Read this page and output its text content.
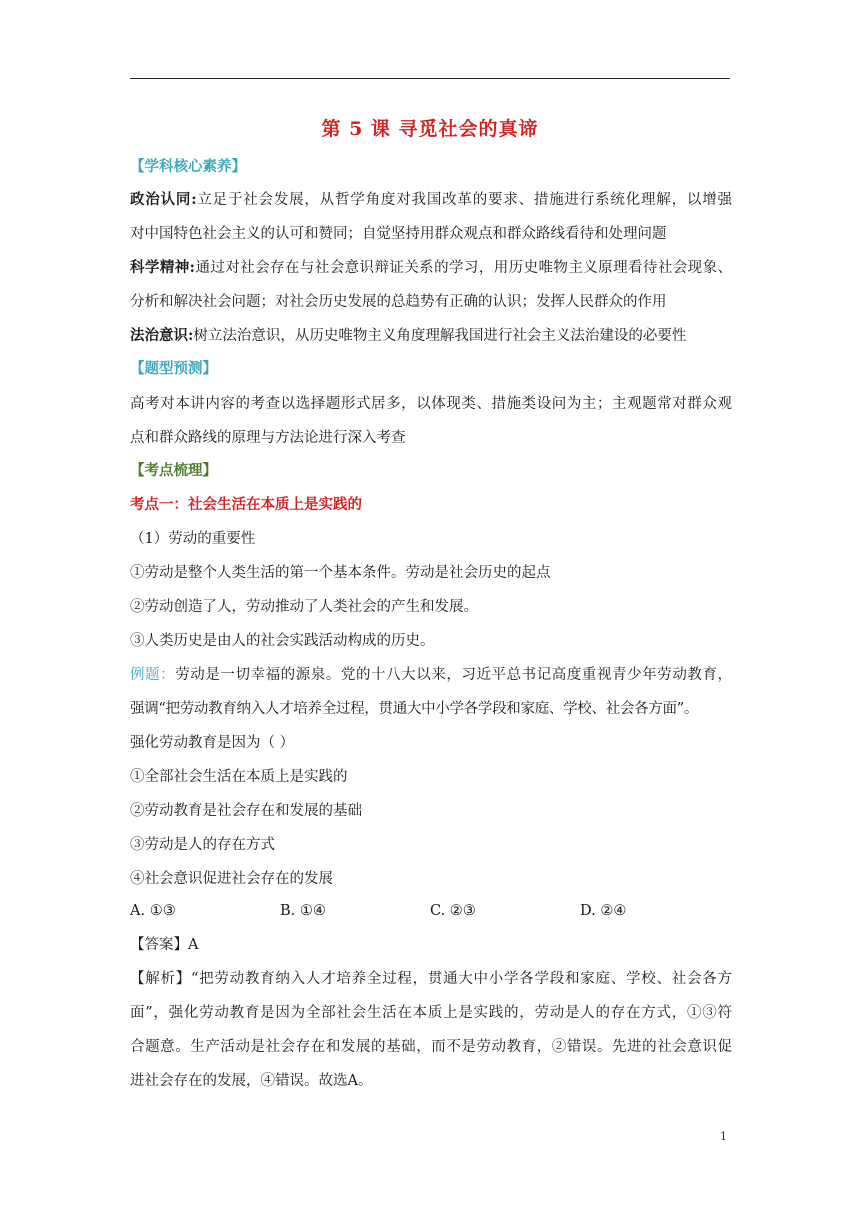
第 5 课 寻觅社会的真谛
【学科核心素养】
政治认同:立足于社会发展，从哲学角度对我国改革的要求、措施进行系统化理解，以增强
对中国特色社会主义的认可和赞同；自觉坚持用群众观点和群众路线看待和处理问题
科学精神:通过对社会存在与社会意识辩证关系的学习，用历史唯物主义原理看待社会现象、
分析和解决社会问题；对社会历史发展的总趋势有正确的认识；发挥人民群众的作用
法治意识:树立法治意识，从历史唯物主义角度理解我国进行社会主义法治建设的必要性
【题型预测】
高考对本讲内容的考查以选择题形式居多，以体现类、措施类设问为主；主观题常对群众观
点和群众路线的原理与方法论进行深入考查
【考点梳理】
考点一：社会生活在本质上是实践的
（1）劳动的重要性
①劳动是整个人类生活的第一个基本条件。劳动是社会历史的起点
②劳动创造了人，劳动推动了人类社会的产生和发展。
③人类历史是由人的社会实践活动构成的历史。
例题：劳动是一切幸福的源泉。党的十八大以来，习近平总书记高度重视青少年劳动教育，
强调“把劳动教育纳入人才培养全过程，贯通大中小学各学段和家庭、学校、社会各方面”。
强化劳动教育是因为（ ）
①全部社会生活在本质上是实践的
②劳动教育是社会存在和发展的基础
③劳动是人的存在方式
④社会意识促进社会存在的发展
A. ①③	B. ①④	C. ②③	D. ②④
【答案】A
【解析】“把劳动教育纳入人才培养全过程，贯通大中小学各学段和家庭、学校、社会各方
面”，强化劳动教育是因为全部社会生活在本质上是实践的，劳动是人的存在方式，①③符
合题意。生产活动是社会存在和发展的基础，而不是劳动教育，②错误。先进的社会意识促
进社会存在的发展，④错误。故选A。
1
